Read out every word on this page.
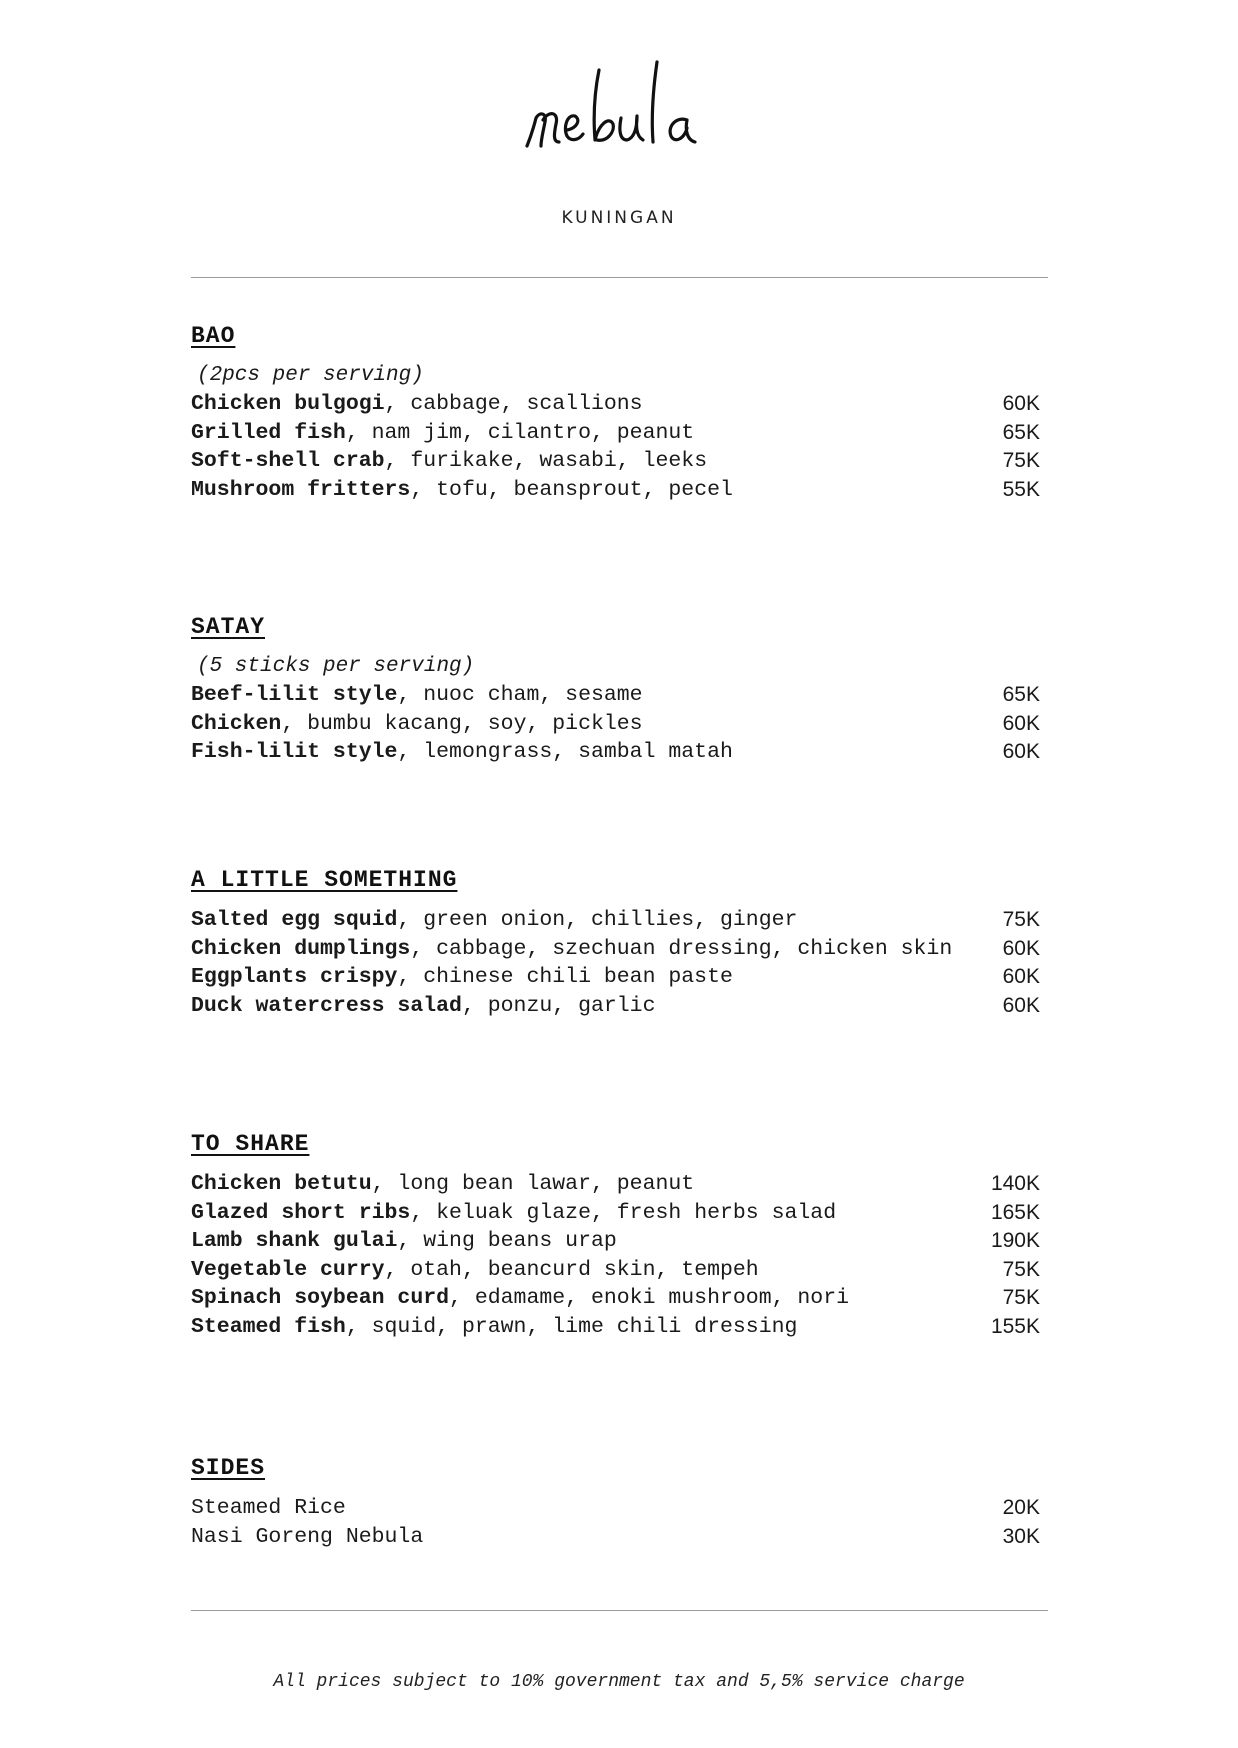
KUNINGAN
BAO
(2pcs per serving)
Chicken bulgogi, cabbage, scallions	60K
Grilled fish, nam jim, cilantro, peanut	65K
Soft-shell crab, furikake, wasabi, leeks	75K
Mushroom fritters, tofu, beansprout, pecel	55K
SATAY
(5 sticks per serving)
Beef-lilit style, nuoc cham, sesame	65K
Chicken, bumbu kacang, soy, pickles	60K
Fish-lilit style, lemongrass, sambal matah	60K
A LITTLE SOMETHING
Salted egg squid, green onion, chillies, ginger	75K
Chicken dumplings, cabbage, szechuan dressing, chicken skin 60K
Eggplants crispy, chinese chili bean paste	60K
Duck watercress salad, ponzu, garlic	60K
TO SHARE
Chicken betutu, long bean lawar, peanut	140K
Glazed short ribs, keluak glaze, fresh herbs salad	165K
Lamb shank gulai, wing beans urap	190K
Vegetable curry, otah, beancurd skin, tempeh	75K
Spinach soybean curd, edamame, enoki mushroom, nori	75K
Steamed fish, squid, prawn, lime chili dressing	155K
SIDES
Steamed Rice	20K
Nasi Goreng Nebula	30K
All prices subject to 10% government tax and 5,5% service charge
